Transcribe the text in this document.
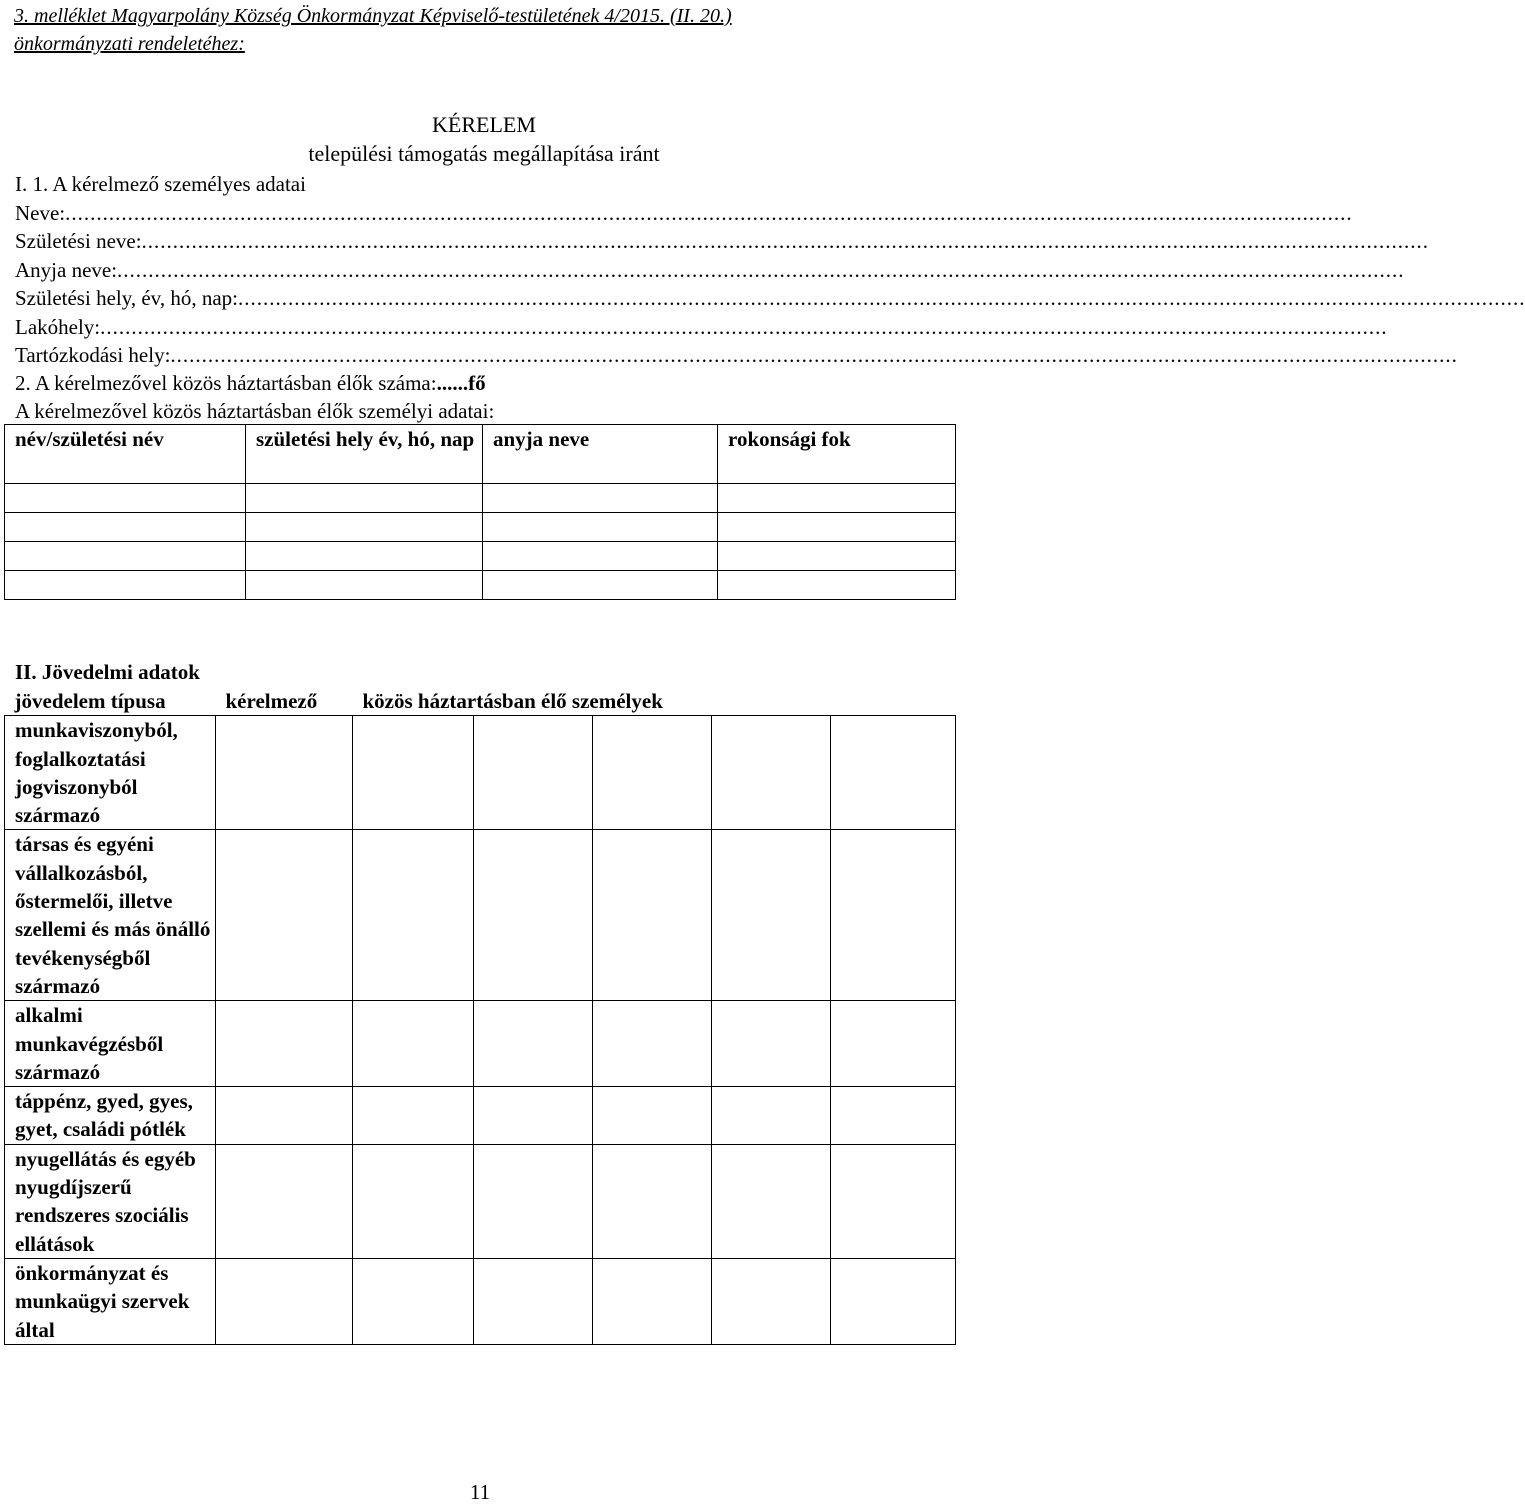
3. melléklet Magyarpolány Község Önkormányzat Képviselő-testületének 4/2015. (II. 20.)
önkormányzati rendeletéhez:
KÉRELEM
települési támogatás megállapítása iránt
I. 1. A kérelmező személyes adatai
Neve: ..............................................................................................................................................................................................................
Születési neve: ..............................................................................................................................................................................................................
Anyja neve: ..............................................................................................................................................................................................................
Születési hely, év, hó, nap: ..............................................................................................................................................................................................................
Lakóhely: ..............................................................................................................................................................................................................
Tartózkodási hely: ..............................................................................................................................................................................................................
2. A kérelmezővel közös háztartásban élők száma:......fő
A kérelmezővel közös háztartásban élők személyi adatai:
név/születési név	születési hely év, hó, nap	anyja neve	rokonsági fok

II. Jövedelmi adatok
jövedelem típusa	kérelmező	közös háztartásban élő személyek				
munkaviszonyból, foglalkoztatási jogviszonyból származó						
társas és egyéni vállalkozásból, őstermelői, illetve szellemi és más önálló tevékenységből származó						
alkalmi munkavégzésből származó						
táppénz, gyed, gyes, gyet, családi pótlék						
nyugellátás és egyéb nyugdíjszerű rendszeres szociális ellátások						
önkormányzat és munkaügyi szervek által						
11
